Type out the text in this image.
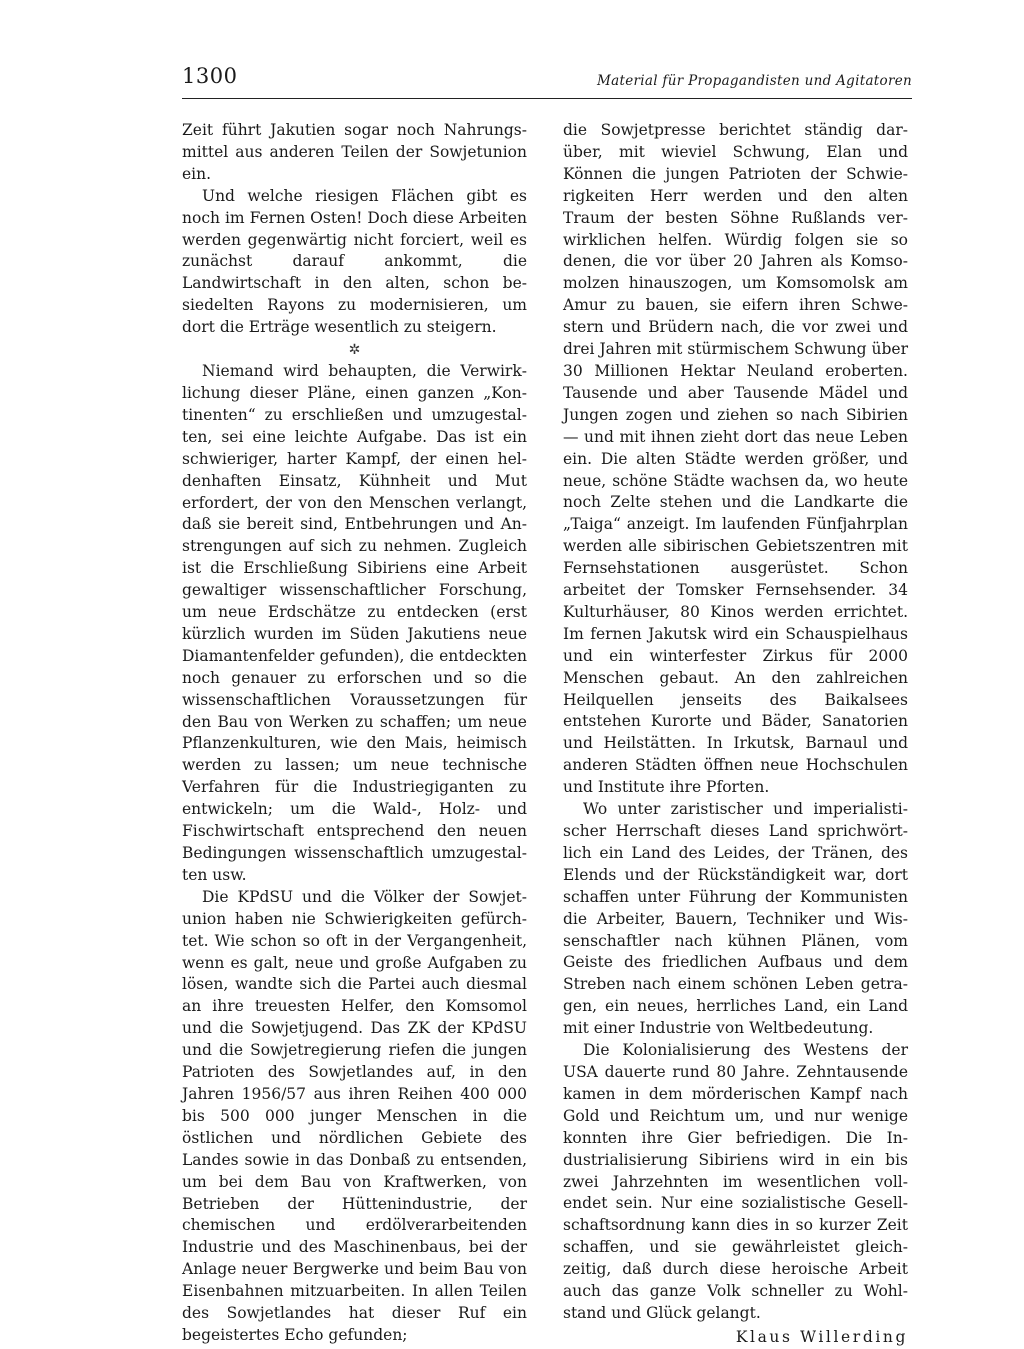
1300	Material für Propagandisten und Agitatoren

Zeit führt Jakutien sogar noch Nahrungsmittel aus anderen Teilen der Sowjetunion ein.

Und welche riesigen Flächen gibt es noch im Fernen Osten! Doch diese Arbeiten werden gegenwärtig nicht forciert, weil es zunächst darauf ankommt, die Landwirtschaft in den alten, schon besiedelten Rayons zu modernisieren, um dort die Erträge wesentlich zu steigern.

✲

Niemand wird behaupten, die Verwirklichung dieser Pläne, einen ganzen „Kontinenten“ zu erschließen und umzugestalten, sei eine leichte Aufgabe. Das ist ein schwieriger, harter Kampf, der einen heldenhaften Einsatz, Kühnheit und Mut erfordert, der von den Menschen verlangt, daß sie bereit sind, Entbehrungen und Anstrengungen auf sich zu nehmen. Zugleich ist die Erschließung Sibiriens eine Arbeit gewaltiger wissenschaftlicher Forschung, um neue Erdschätze zu entdecken (erst kürzlich wurden im Süden Jakutiens neue Diamantenfelder gefunden), die entdeckten noch genauer zu erforschen und so die wissenschaftlichen Voraussetzungen für den Bau von Werken zu schaffen; um neue Pflanzenkulturen, wie den Mais, heimisch werden zu lassen; um neue technische Verfahren für die Industriegiganten zu entwickeln; um die Wald-, Holz- und Fischwirtschaft entsprechend den neuen Bedingungen wissenschaftlich umzugestalten usw.

Die KPdSU und die Völker der Sowjetunion haben nie Schwierigkeiten gefürchtet. Wie schon so oft in der Vergangenheit, wenn es galt, neue und große Aufgaben zu lösen, wandte sich die Partei auch diesmal an ihre treuesten Helfer, den Komsomol und die Sowjetjugend. Das ZK der KPdSU und die Sowjetregierung riefen die jungen Patrioten des Sowjetlandes auf, in den Jahren 1956/57 aus ihren Reihen 400 000 bis 500 000 junger Menschen in die östlichen und nördlichen Gebiete des Landes sowie in das Donbaß zu entsenden, um bei dem Bau von Kraftwerken, von Betrieben der Hüttenindustrie, der chemischen und erdölverarbeitenden Industrie und des Maschinenbaus, bei der Anlage neuer Bergwerke und beim Bau von Eisenbahnen mitzuarbeiten. In allen Teilen des Sowjetlandes hat dieser Ruf ein begeistertes Echo gefunden;

die Sowjetpresse berichtet ständig darüber, mit wieviel Schwung, Elan und Können die jungen Patrioten der Schwierigkeiten Herr werden und den alten Traum der besten Söhne Rußlands verwirklichen helfen. Würdig folgen sie so denen, die vor über 20 Jahren als Komsomolzen hinauszogen, um Komsomolsk am Amur zu bauen, sie eifern ihren Schwestern und Brüdern nach, die vor zwei und drei Jahren mit stürmischem Schwung über 30 Millionen Hektar Neuland eroberten. Tausende und aber Tausende Mädel und Jungen zogen und ziehen so nach Sibirien — und mit ihnen zieht dort das neue Leben ein. Die alten Städte werden größer, und neue, schöne Städte wachsen da, wo heute noch Zelte stehen und die Landkarte die „Taiga“ anzeigt. Im laufenden Fünfjahrplan werden alle sibirischen Gebietszentren mit Fernsehstationen ausgerüstet. Schon arbeitet der Tomsker Fernsehsender. 34 Kulturhäuser, 80 Kinos werden errichtet. Im fernen Jakutsk wird ein Schauspielhaus und ein winterfester Zirkus für 2000 Menschen gebaut. An den zahlreichen Heilquellen jenseits des Baikalsees entstehen Kurorte und Bäder, Sanatorien und Heilstätten. In Irkutsk, Barnaul und anderen Städten öffnen neue Hochschulen und Institute ihre Pforten.

Wo unter zaristischer und imperialistischer Herrschaft dieses Land sprichwörtlich ein Land des Leides, der Tränen, des Elends und der Rückständigkeit war, dort schaffen unter Führung der Kommunisten die Arbeiter, Bauern, Techniker und Wissenschaftler nach kühnen Plänen, vom Geiste des friedlichen Aufbaus und dem Streben nach einem schönen Leben getragen, ein neues, herrliches Land, ein Land mit einer Industrie von Weltbedeutung.

Die Kolonialisierung des Westens der USA dauerte rund 80 Jahre. Zehntausende kamen in dem mörderischen Kampf nach Gold und Reichtum um, und nur wenige konnten ihre Gier befriedigen. Die Industrialisierung Sibiriens wird in ein bis zwei Jahrzehnten im wesentlichen vollendet sein. Nur eine sozialistische Gesellschaftsordnung kann dies in so kurzer Zeit schaffen, und sie gewährleistet gleichzeitig, daß durch diese heroische Arbeit auch das ganze Volk schneller zu Wohlstand und Glück gelangt.

Klaus Willerding
